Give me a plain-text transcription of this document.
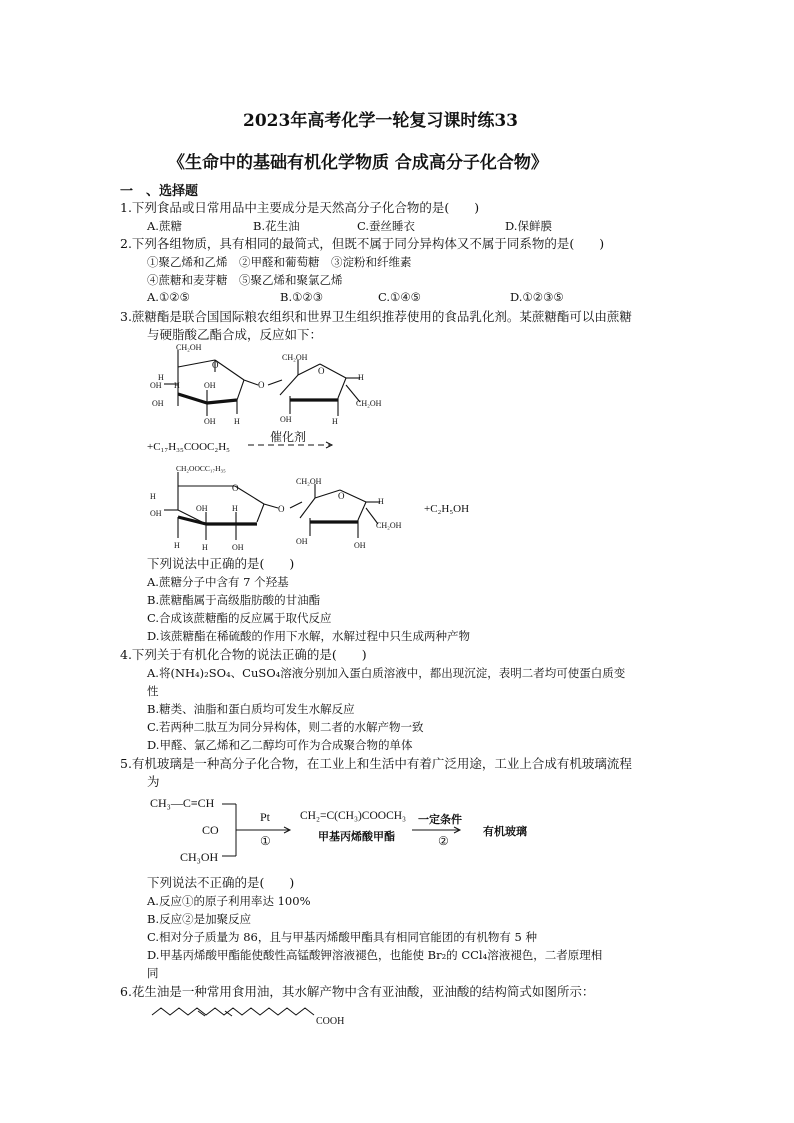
2023年高考化学一轮复习课时练33
《生命中的基础有机化学物质 合成高分子化合物》
一　、选择题
1.下列食品或日常用品中主要成分是天然高分子化合物的是(　　)
A.蔗糖	B.花生油	C.蚕丝睡衣	D.保鲜膜
2.下列各组物质，具有相同的最简式，但既不属于同分异构体又不属于同系物的是(　　)
①聚乙烯和乙烯　②甲醛和葡萄糖　③淀粉和纤维素
④蔗糖和麦芽糖　⑤聚乙烯和聚氯乙烯
A.①②⑤	B.①②③	C.①④⑤	D.①②③⑤
3.蔗糖酯是联合国国际粮农组织和世界卫生组织推荐使用的食品乳化剂。某蔗糖酯可以由蔗糖
与硬脂酸乙酯合成，反应如下：
CH₂OH
O
H
OH H
OH
OH
OH H
O
CH₂OH
O
H
CH₂OH
OH	H
+C₁₇H₃₅COOC₂H₅
催化剂
CH₂OOCC₁₇H₃₅
O
H
OH
H
OH
H
H
OH
O
CH₂OH
O
H
CH₂OH
OH	OH
+C₂H₅OH
下列说法中正确的是(　　)
A.蔗糖分子中含有 7 个羟基
B.蔗糖酯属于高级脂肪酸的甘油酯
C.合成该蔗糖酯的反应属于取代反应
D.该蔗糖酯在稀硫酸的作用下水解，水解过程中只生成两种产物
4.下列关于有机化合物的说法正确的是(　　)
A.将(NH₄)₂SO₄、CuSO₄溶液分别加入蛋白质溶液中，都出现沉淀，表明二者均可使蛋白质变
性
B.糖类、油脂和蛋白质均可发生水解反应
C.若两种二肽互为同分异构体，则二者的水解产物一致
D.甲醛、氯乙烯和乙二醇均可作为合成聚合物的单体
5.有机玻璃是一种高分子化合物，在工业上和生活中有着广泛用途，工业上合成有机玻璃流程
为
CH₃—C≡CH
CO
CH₃OH
Pt
①
CH₂=C(CH₃)COOCH₃
甲基丙烯酸甲酯
一定条件
②
有机玻璃
下列说法不正确的是(　　)
A.反应①的原子利用率达 100%
B.反应②是加聚反应
C.相对分子质量为 86，且与甲基丙烯酸甲酯具有相同官能团的有机物有 5 种
D.甲基丙烯酸甲酯能使酸性高锰酸钾溶液褪色，也能使 Br₂的 CCl₄溶液褪色，二者原理相
同
6.花生油是一种常用食用油，其水解产物中含有亚油酸，亚油酸的结构简式如图所示：
COOH
